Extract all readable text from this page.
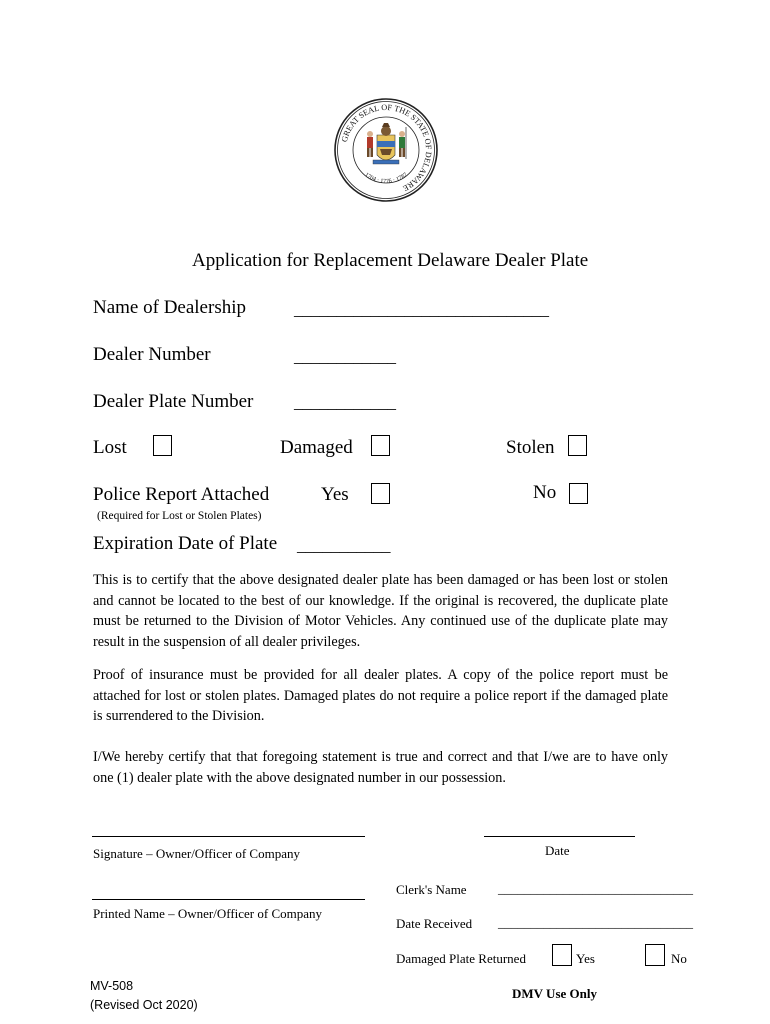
GREAT SEAL OF THE STATE OF DELAWARE
1704 · 1776 · 1787
Application for Replacement Delaware Dealer Plate
Name of Dealership	______________________________
Dealer Number	____________
Dealer Plate Number ____________
Lost	Damaged	Stolen
Police Report Attached	Yes	No
(Required for Lost or Stolen Plates)
Expiration Date of Plate ___________
This is to certify that the above designated dealer plate has been damaged or has been lost or stolen and cannot be located to the best of our knowledge. If the original is recovered, the duplicate plate must be returned to the Division of Motor Vehicles. Any continued use of the duplicate plate may result in the suspension of all dealer privileges.
Proof of insurance must be provided for all dealer plates. A copy of the police report must be attached for lost or stolen plates. Damaged plates do not require a police report if the damaged plate is surrendered to the Division.
I/We hereby certify that that foregoing statement is true and correct and that I/we are to have only one (1) dealer plate with the above designated number in our possession.
Signature – Owner/Officer of Company	Date
Printed Name – Owner/Officer of Company
Clerk's Name ______________________________
Date Received ______________________________
Damaged Plate Returned	Yes	No
DMV Use Only
MV-508
(Revised Oct 2020)
